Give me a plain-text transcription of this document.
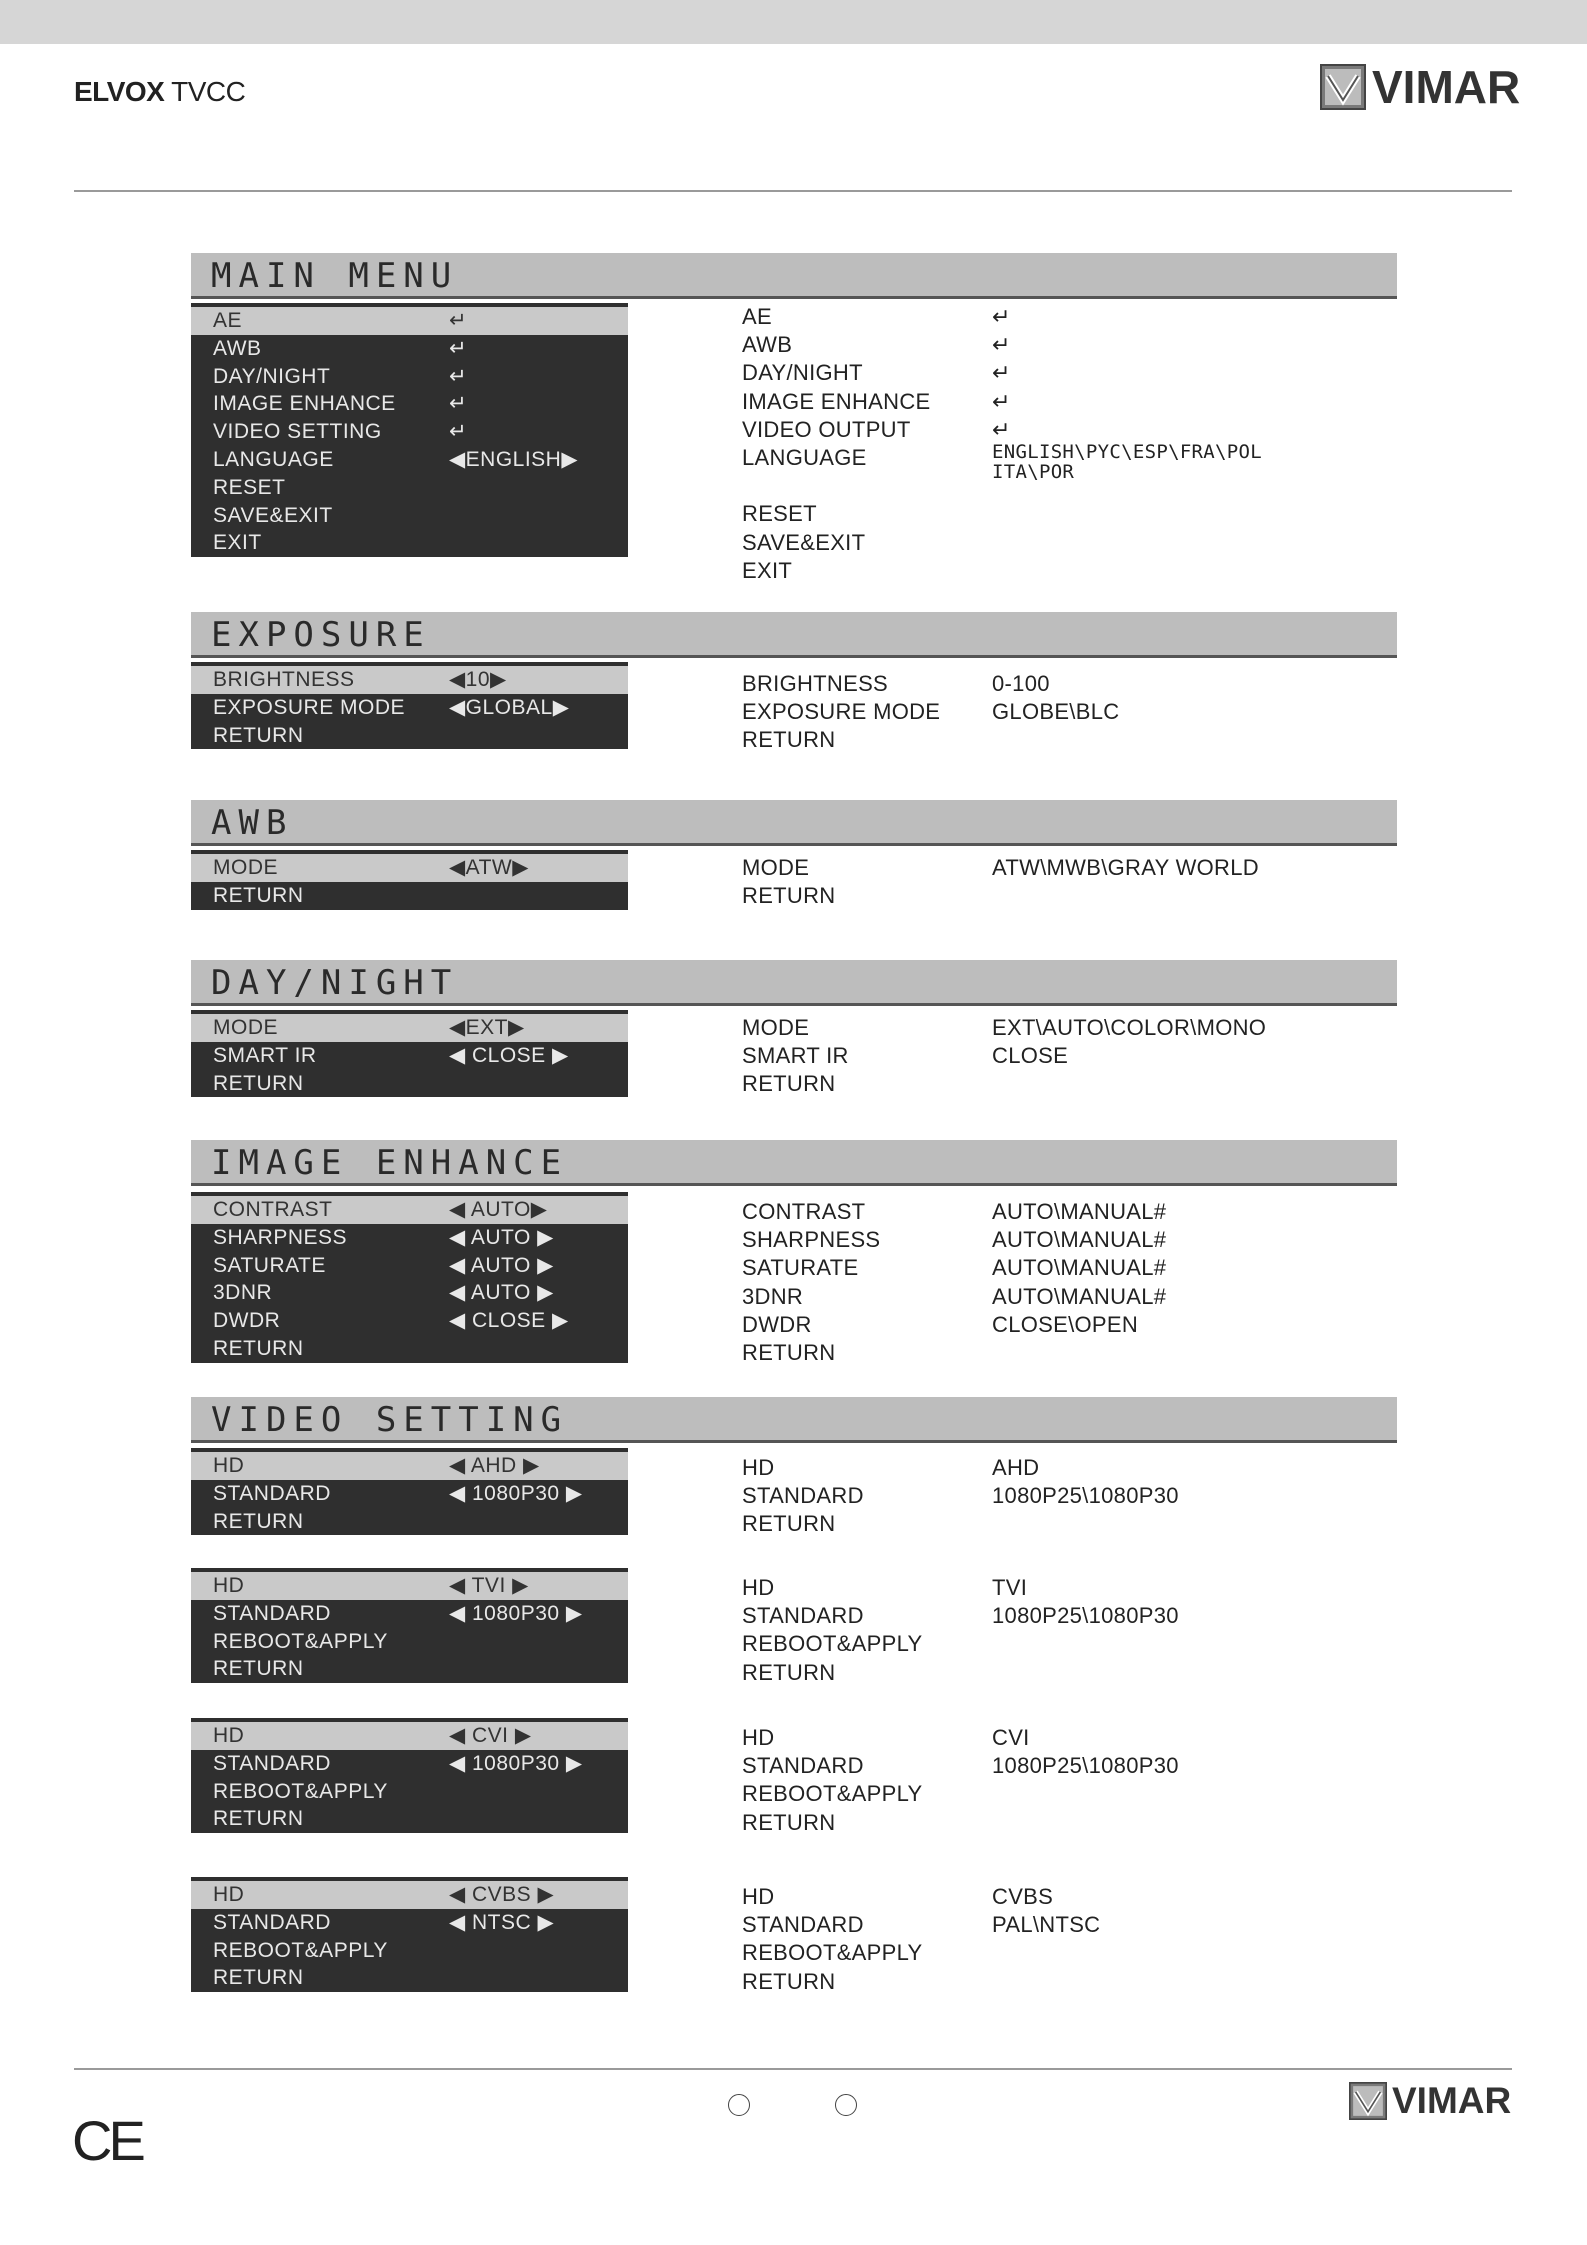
ELVOX TVCC	VIMAR
MAIN MENU
AE	↵
AWB	↵
DAY/NIGHT	↵
IMAGE ENHANCE	↵
VIDEO SETTING	↵
LANGUAGE	◀ENGLISH▶
RESET
SAVE&EXIT
EXIT
AE	↵
AWB	↵
DAY/NIGHT	↵
IMAGE ENHANCE	↵
VIDEO OUTPUT	↵
LANGUAGE	ENGLISH\PYC\ESP\FRA\POL ITA\POR
RESET
SAVE&EXIT
EXIT
EXPOSURE
BRIGHTNESS	◀10▶
EXPOSURE MODE ◀GLOBAL▶
RETURN
BRIGHTNESS	0-100
EXPOSURE MODE GLOBE\BLC
RETURN
AWB
MODE	◀ATW▶
RETURN
MODE	ATW\MWB\GRAY WORLD
RETURN
DAY/NIGHT
MODE	◀EXT▶
SMART IR	◀ CLOSE ▶
RETURN
MODE	EXT\AUTO\COLOR\MONO
SMART IR	CLOSE
RETURN
IMAGE ENHANCE
CONTRAST	◀ AUTO▶
SHARPNESS	◀ AUTO ▶
SATURATE	◀ AUTO ▶
3DNR	◀ AUTO ▶
DWDR	◀ CLOSE ▶
RETURN
CONTRAST	AUTO\MANUAL#
SHARPNESS	AUTO\MANUAL#
SATURATE	AUTO\MANUAL#
3DNR	AUTO\MANUAL#
DWDR	CLOSE\OPEN
RETURN
VIDEO SETTING
HD	◀ AHD ▶
STANDARD	◀ 1080P30 ▶
RETURN
HD	AHD
STANDARD	1080P25\1080P30
RETURN
HD	◀ TVI ▶
STANDARD	◀ 1080P30 ▶
REBOOT&APPLY
RETURN
HD	TVI
STANDARD	1080P25\1080P30
REBOOT&APPLY
RETURN
HD	◀ CVI ▶
STANDARD	◀ 1080P30 ▶
REBOOT&APPLY
RETURN
HD	CVI
STANDARD	1080P25\1080P30
REBOOT&APPLY
RETURN
HD	◀ CVBS ▶
STANDARD	◀ NTSC ▶
REBOOT&APPLY
RETURN
HD	CVBS
STANDARD	PAL\NTSC
REBOOT&APPLY
RETURN
CE
VIMAR
